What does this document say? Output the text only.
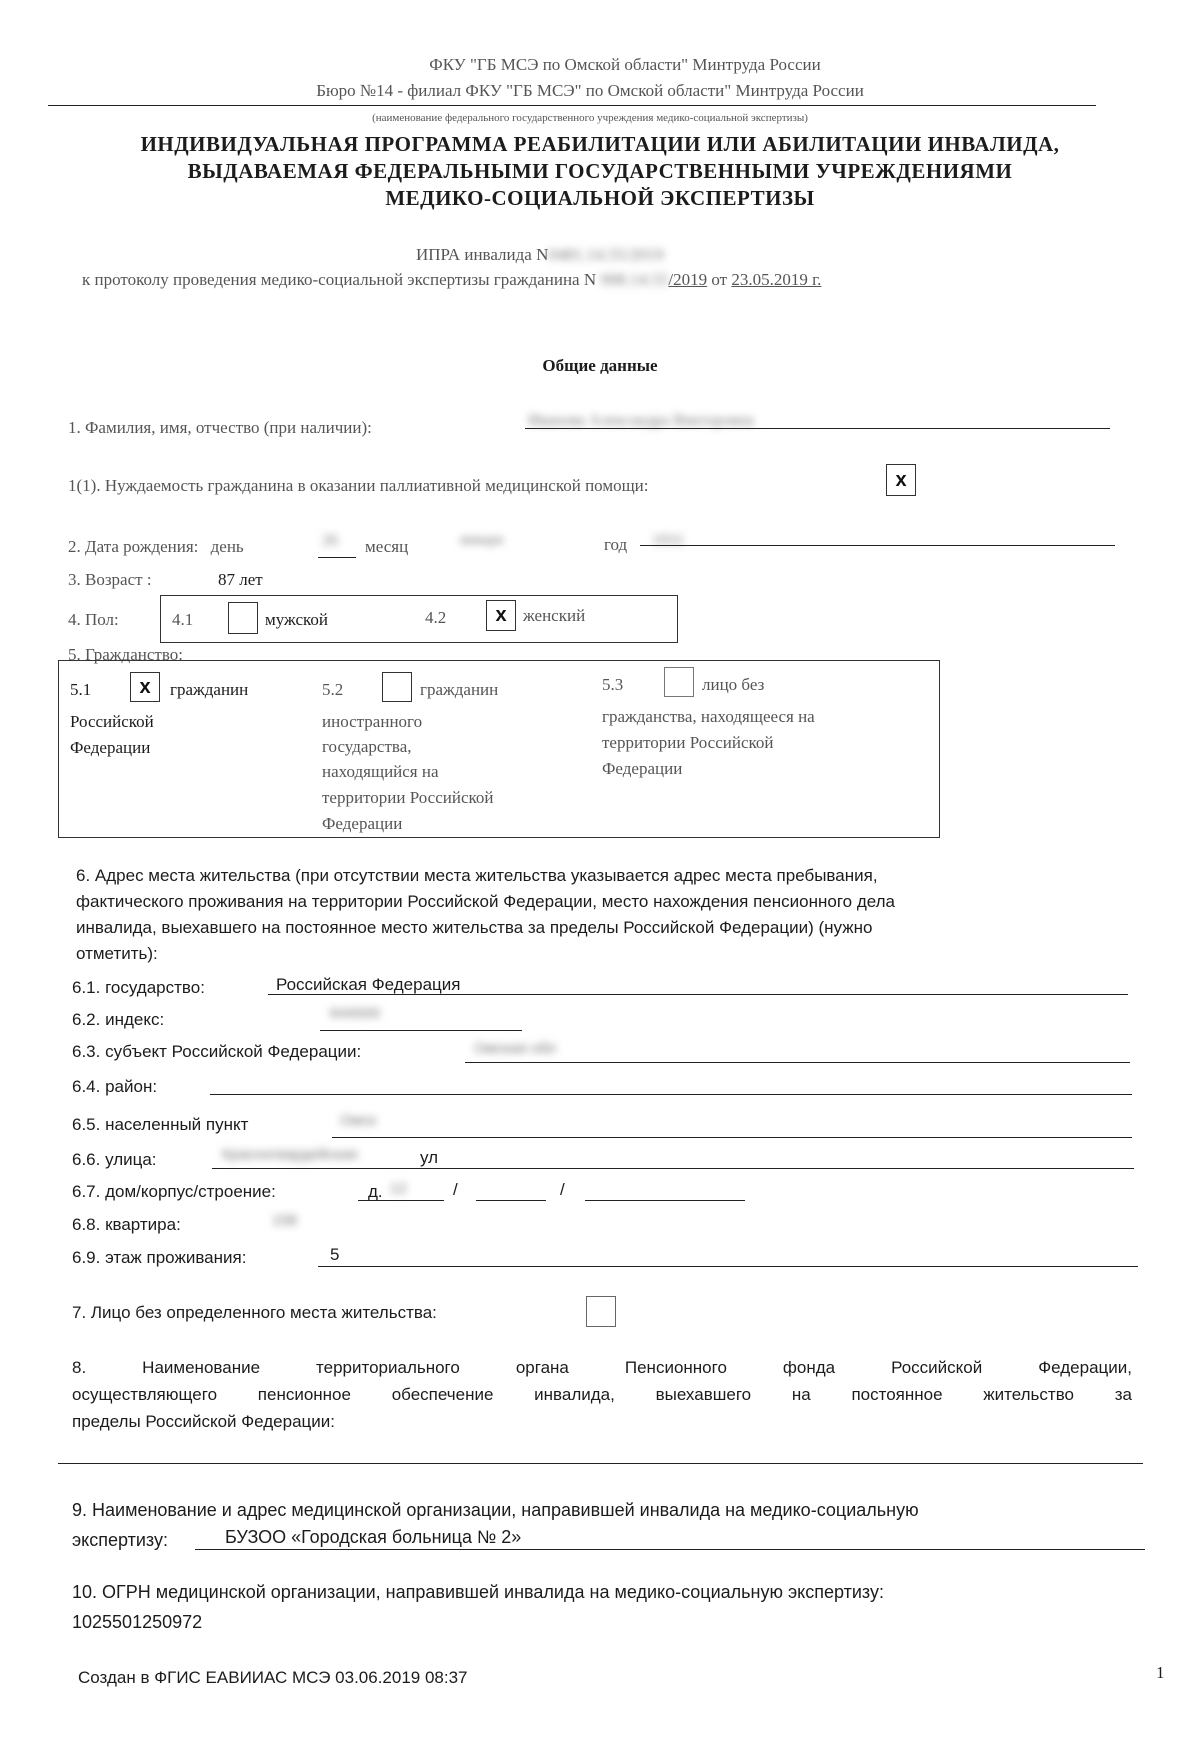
ФКУ "ГБ МСЭ по Омской области" Минтруда России
Бюро №14 - филиал ФКУ "ГБ МСЭ" по Омской области" Минтруда России
(наименование федерального государственного учреждения медико-социальной экспертизы)
ИНДИВИДУАЛЬНАЯ ПРОГРАММА РЕАБИЛИТАЦИИ ИЛИ АБИЛИТАЦИИ ИНВАЛИДА,
ВЫДАВАЕМАЯ ФЕДЕРАЛЬНЫМИ ГОСУДАРСТВЕННЫМИ УЧРЕЖДЕНИЯМИ
МЕДИКО-СОЦИАЛЬНОЙ ЭКСПЕРТИЗЫ
ИПРА инвалида N0481.14.55/2019
к протоколу проведения медико-социальной экспертизы гражданина N 998.14.55/2019 от 23.05.2019 г.
Общие данные
1. Фамилия, имя, отчество (при наличии):	Иванова Александра Викторовна
1(1). Нуждаемость гражданина в оказании паллиативной медицинской помощи:	x
2. Дата рождения: день	26 месяц	января	год 1931
3. Возраст :	87 лет
4. Пол:	4.1	мужской	4.2	x женский
5. Гражданство:
5.1	x	гражданин
Российской
Федерации
5.2	гражданин
иностранного
государства,
находящийся на
территории Российской
Федерации
5.3	лицо без
гражданства, находящееся на
территории Российской
Федерации
6. Адрес места жительства (при отсутствии места жительства указывается адрес места пребывания,
фактического проживания на территории Российской Федерации, место нахождения пенсионного дела
инвалида, выехавшего на постоянное место жительства за пределы Российской Федерации) (нужно
отметить):
6.1. государство:	Российская Федерация
6.2. индекс:	644000
6.3. субъект Российской Федерации:	Омская обл
6.4. район:
6.5. населенный пункт	Омск
6.6. улица:	Красногвардейская	ул
6.7. дом/корпус/строение:	д. 12	/	/
6.8. квартира:	158
6.9. этаж проживания:	5
7. Лицо без определенного места жительства:
8. Наименование территориального органа Пенсионного фонда Российской Федерации,
осуществляющего пенсионное обеспечение инвалида, выехавшего на постоянное жительство за
пределы Российской Федерации:
9. Наименование и адрес медицинской организации, направившей инвалида на медико-социальную
экспертизу:	БУЗОО «Городская больница № 2»
10. ОГРН медицинской организации, направившей инвалида на медико-социальную экспертизу:
1025501250972
Создан в ФГИС ЕАВИИАС МСЭ 03.06.2019 08:37	1
